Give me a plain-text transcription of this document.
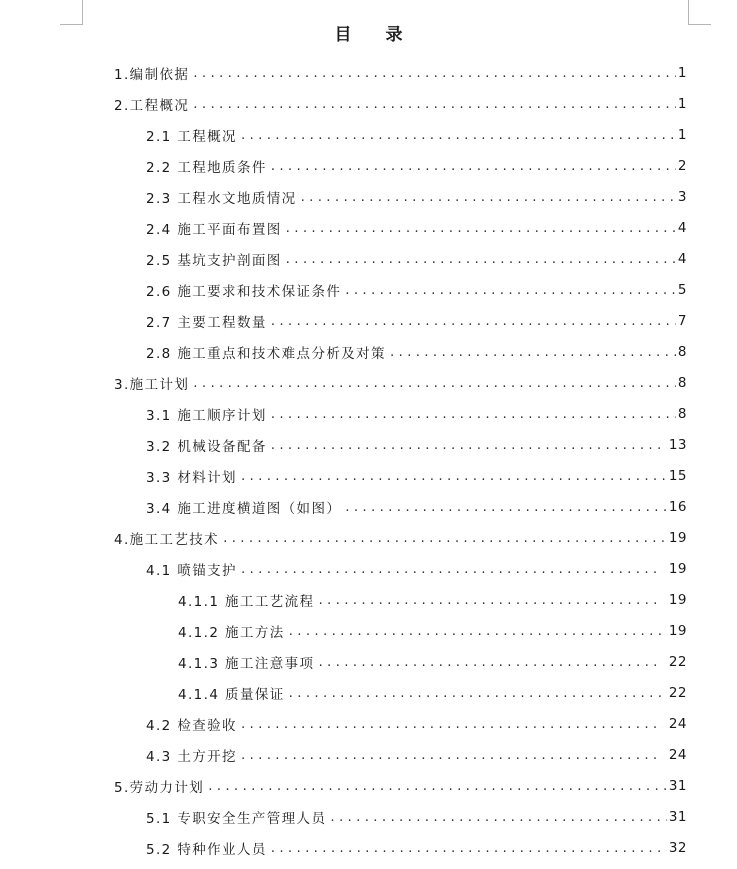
目 录
1.编制依据 . . .	1
2.工程概况 . . .	1
2.1 工程概况 . . .	1
2.2 工程地质条件 . . .	2
2.3 工程水文地质情况 . . .	3
2.4 施工平面布置图 . . .	4
2.5 基坑支护剖面图 . . .	4
2.6 施工要求和技术保证条件 . . .	5
2.7 主要工程数量 . . .	7
2.8 施工重点和技术难点分析及对策 . . .	8
3.施工计划 . . .	8
3.1 施工顺序计划 . . .	8
3.2 机械设备配备 . . .	13
3.3 材料计划 . . .	15
3.4 施工进度横道图（如图） . . .	16
4.施工工艺技术 . . .	19
4.1 喷锚支护 . . .	19
4.1.1 施工工艺流程 . . .	19
4.1.2 施工方法 . . .	19
4.1.3 施工注意事项 . . .	22
4.1.4 质量保证 . . .	22
4.2 检查验收 . . .	24
4.3 土方开挖 . . .	24
5.劳动力计划 . . .	31
5.1 专职安全生产管理人员 . . .	31
5.2 特种作业人员 . . .	32
